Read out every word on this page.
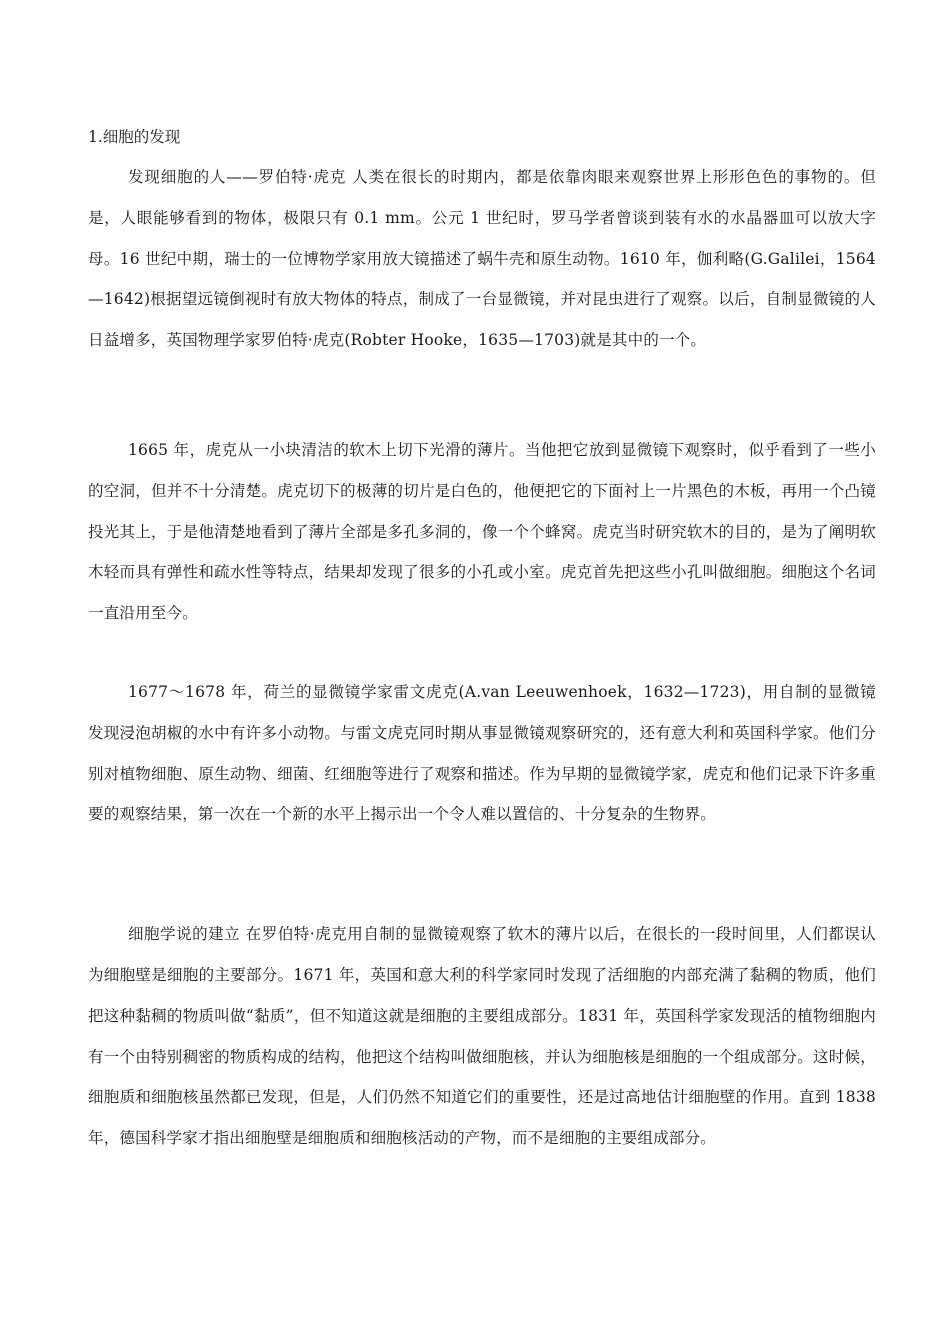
1.细胞的发现

发现细胞的人——罗伯特·虎克 人类在很长的时期内，都是依靠肉眼来观察世界上形形色色的事物的。但是，人眼能够看到的物体，极限只有 0.1 mm。公元 1 世纪时，罗马学者曾谈到装有水的水晶器皿可以放大字母。16 世纪中期，瑞士的一位博物学家用放大镜描述了蜗牛壳和原生动物。1610 年，伽利略(G.Galilei，1564—1642)根据望远镜倒视时有放大物体的特点，制成了一台显微镜，并对昆虫进行了观察。以后，自制显微镜的人日益增多，英国物理学家罗伯特·虎克(Robter Hooke，1635—1703)就是其中的一个。

1665 年，虎克从一小块清洁的软木上切下光滑的薄片。当他把它放到显微镜下观察时，似乎看到了一些小的空洞，但并不十分清楚。虎克切下的极薄的切片是白色的，他便把它的下面衬上一片黑色的木板，再用一个凸镜投光其上，于是他清楚地看到了薄片全部是多孔多洞的，像一个个蜂窝。虎克当时研究软木的目的，是为了阐明软木轻而具有弹性和疏水性等特点，结果却发现了很多的小孔或小室。虎克首先把这些小孔叫做细胞。细胞这个名词一直沿用至今。

1677～1678 年，荷兰的显微镜学家雷文虎克(A.van Leeuwenhoek，1632—1723)，用自制的显微镜发现浸泡胡椒的水中有许多小动物。与雷文虎克同时期从事显微镜观察研究的，还有意大利和英国科学家。他们分别对植物细胞、原生动物、细菌、红细胞等进行了观察和描述。作为早期的显微镜学家，虎克和他们记录下许多重要的观察结果，第一次在一个新的水平上揭示出一个令人难以置信的、十分复杂的生物界。

细胞学说的建立 在罗伯特·虎克用自制的显微镜观察了软木的薄片以后，在很长的一段时间里，人们都误认为细胞壁是细胞的主要部分。1671 年，英国和意大利的科学家同时发现了活细胞的内部充满了黏稠的物质，他们把这种黏稠的物质叫做“黏质”，但不知道这就是细胞的主要组成部分。1831 年，英国科学家发现活的植物细胞内有一个由特别稠密的物质构成的结构，他把这个结构叫做细胞核，并认为细胞核是细胞的一个组成部分。这时候，细胞质和细胞核虽然都已发现，但是，人们仍然不知道它们的重要性，还是过高地估计细胞壁的作用。直到 1838 年，德国科学家才指出细胞壁是细胞质和细胞核活动的产物，而不是细胞的主要组成部分。
